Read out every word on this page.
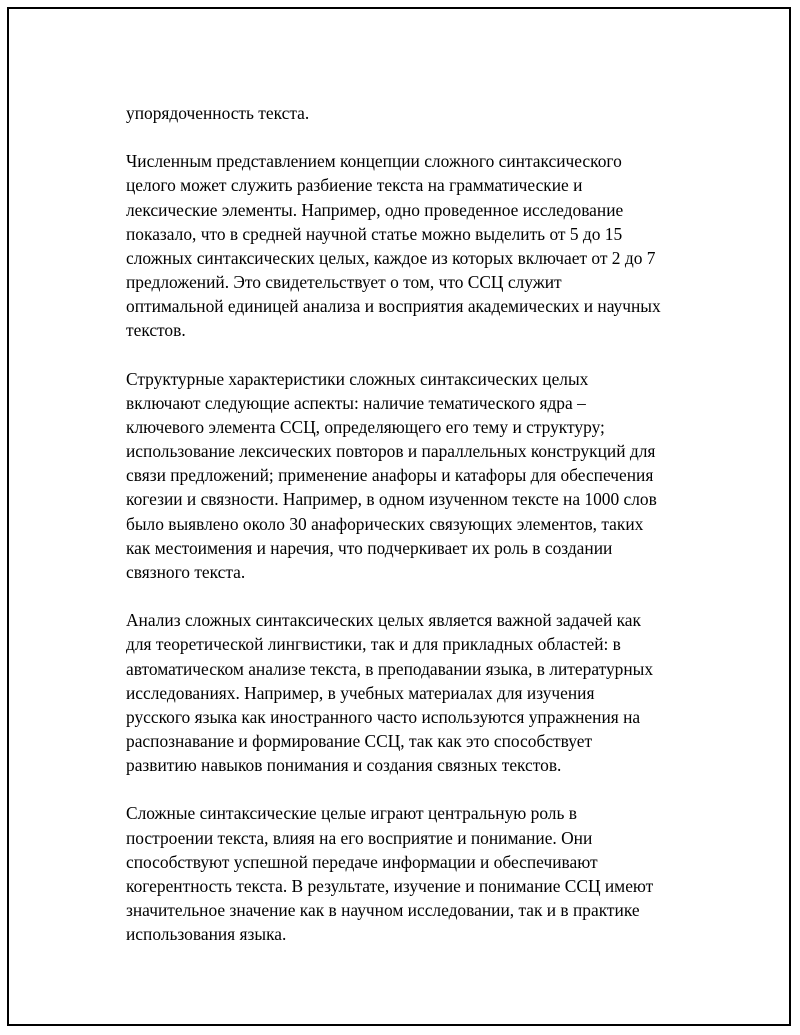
упорядоченность текста.

Численным представлением концепции сложного синтаксического
целого может служить разбиение текста на грамматические и
лексические элементы. Например, одно проведенное исследование
показало, что в средней научной статье можно выделить от 5 до 15
сложных синтаксических целых, каждое из которых включает от 2 до 7
предложений. Это свидетельствует о том, что ССЦ служит
оптимальной единицей анализа и восприятия академических и научных
текстов.

Структурные характеристики сложных синтаксических целых
включают следующие аспекты: наличие тематического ядра –
ключевого элемента ССЦ, определяющего его тему и структуру;
использование лексических повторов и параллельных конструкций для
связи предложений; применение анафоры и катафоры для обеспечения
когезии и связности. Например, в одном изученном тексте на 1000 слов
было выявлено около 30 анафорических связующих элементов, таких
как местоимения и наречия, что подчеркивает их роль в создании
связного текста.

Анализ сложных синтаксических целых является важной задачей как
для теоретической лингвистики, так и для прикладных областей: в
автоматическом анализе текста, в преподавании языка, в литературных
исследованиях. Например, в учебных материалах для изучения
русского языка как иностранного часто используются упражнения на
распознавание и формирование ССЦ, так как это способствует
развитию навыков понимания и создания связных текстов.

Сложные синтаксические целые играют центральную роль в
построении текста, влияя на его восприятие и понимание. Они
способствуют успешной передаче информации и обеспечивают
когерентность текста. В результате, изучение и понимание ССЦ имеют
значительное значение как в научном исследовании, так и в практике
использования языка.
